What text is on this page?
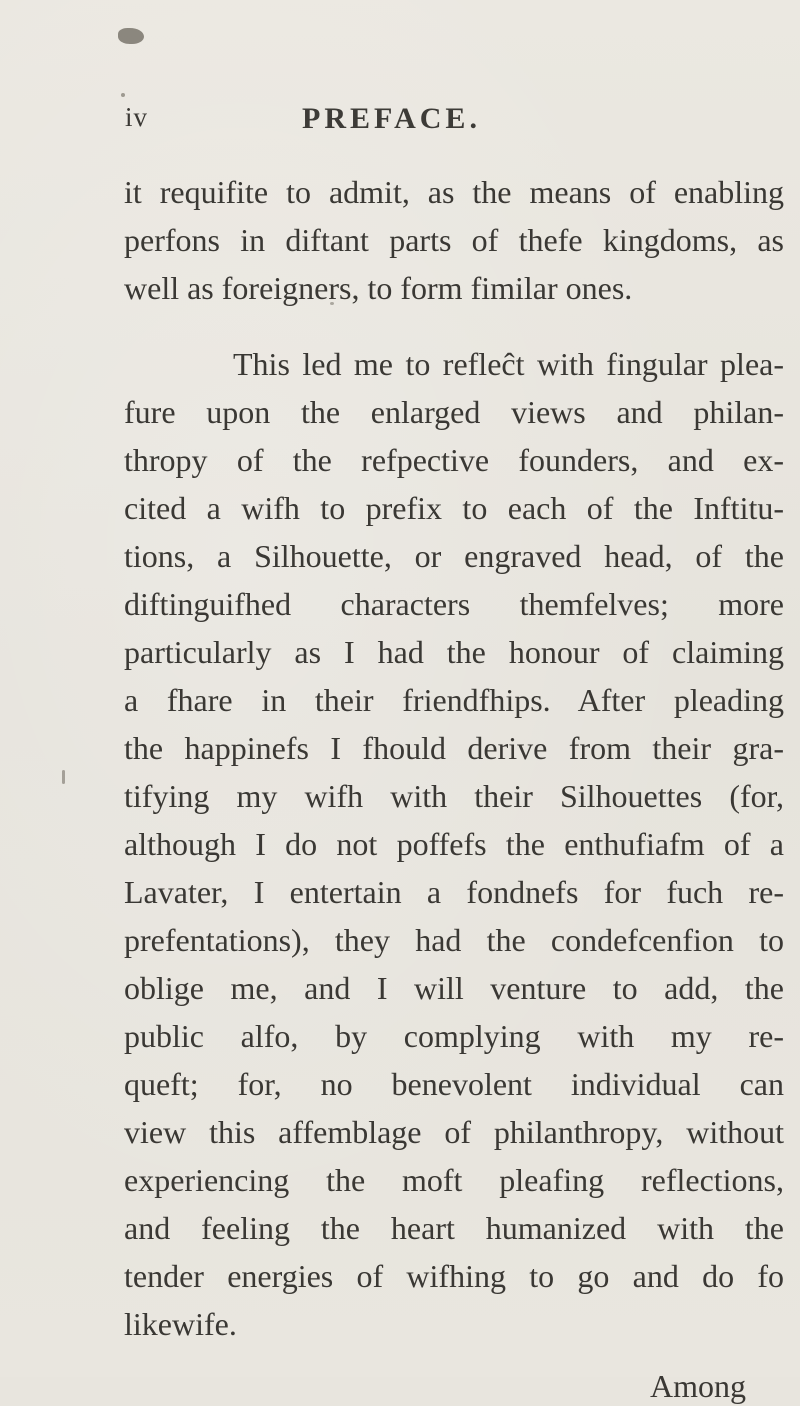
iv	PREFACE.
it requifite to admit, as the means of enabling
perfons in diftant parts of thefe kingdoms, as
well as foreigners, to form fimilar ones.
This led me to refleĉt with fingular plea-
fure upon the enlarged views and philan-
thropy of the refpective founders, and ex-
cited a wifh to prefix to each of the Inftitu-
tions, a Silhouette, or engraved head, of the
diftinguifhed characters themfelves; more
particularly as I had the honour of claiming
a fhare in their friendfhips. After pleading
the happinefs I fhould derive from their gra-
tifying my wifh with their Silhouettes (for,
although I do not poffefs the enthufiafm of a
Lavater, I entertain a fondnefs for fuch re-
prefentations), they had the condefcenfion to
oblige me, and I will venture to add, the
public alfo, by complying with my re-
queft; for, no benevolent individual can
view this affemblage of philanthropy, without
experiencing the moft pleafing reflections,
and feeling the heart humanized with the
tender energies of wifhing to go and do fo
likewife.
Among
